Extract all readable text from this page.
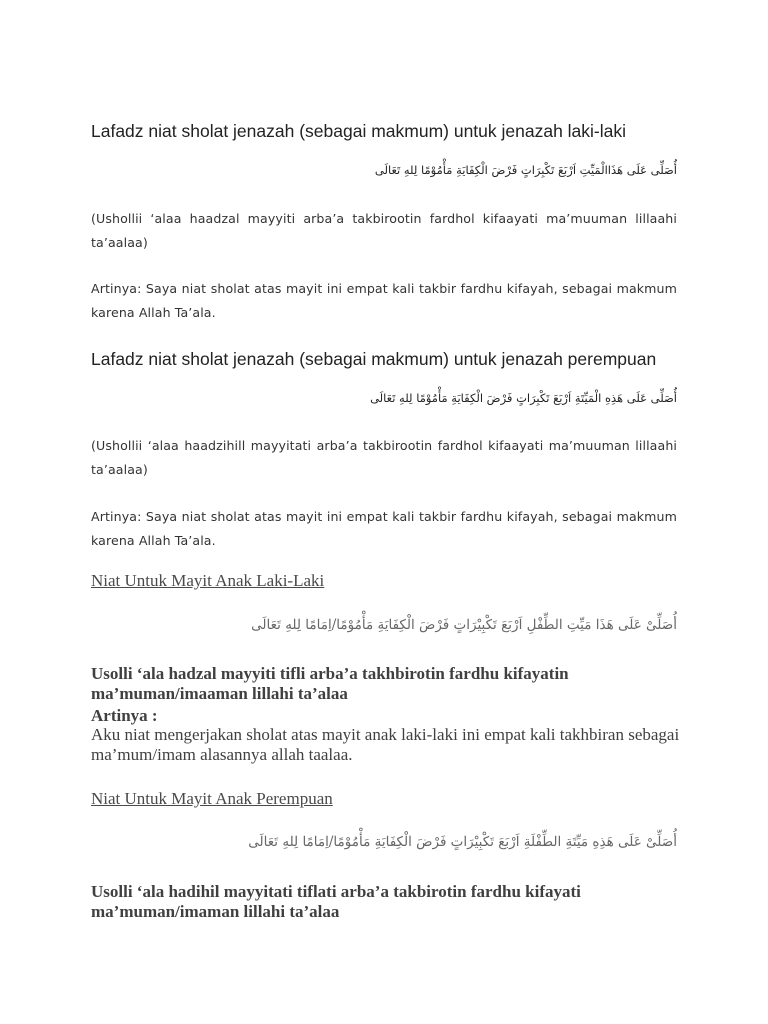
Lafadz niat sholat jenazah (sebagai makmum) untuk jenazah laki-laki
أُصَلِّى عَلَى هَذَاالْمَيِّتِ اَرْبَعَ تَكْبِرَاتٍ فَرْضَ الْكِفَايَةِ مَأْمُوْمًا لِلهِ تَعَالَى

(Ushollii ‘alaa haadzal mayyiti arba’a takbirootin fardhol kifaayati ma’muuman lillaahi ta’aalaa)

Artinya: Saya niat sholat atas mayit ini empat kali takbir fardhu kifayah, sebagai makmum karena Allah Ta’ala.

Lafadz niat sholat jenazah (sebagai makmum) untuk jenazah perempuan
أُصَلِّى عَلَى هَذِهِ الْمَيِّتَةِ اَرْبَعَ تَكْبِرَاتٍ فَرْضَ الْكِفَايَةِ مَأْمُوْمًا لِلهِ تَعَالَى

(Ushollii ‘alaa haadzihill mayyitati arba’a takbirootin fardhol kifaayati ma’muuman lillaahi ta’aalaa)

Artinya: Saya niat sholat atas mayit ini empat kali takbir fardhu kifayah, sebagai makmum karena Allah Ta’ala.

Niat Untuk Mayit Anak Laki-Laki
أُصَلِّىْ عَلَى هَذَا مَيِّتِ الطِّفْلِ اَرْبَعَ تَكْبِيْرَاتٍ فَرْضَ الْكِفَايَةِ مَأْمُوْمًا/اِمَامًا لِلهِ تَعَالَى

Usolli ‘ala hadzal mayyiti tifli arba’a takhbirotin fardhu kifayatin ma’muman/imaaman lillahi ta’alaa

Artinya :

Aku niat mengerjakan sholat atas mayit anak laki-laki ini empat kali takhbiran sebagai ma’mum/imam alasannya allah taalaa.

Niat Untuk Mayit Anak Perempuan
أُصَلِّىْ عَلَى هَذِهِ مَيِّتَةِ الطِّفْلَةِ اَرْبَعَ تَكْبِيْرَاتٍ فَرْضَ الْكِفَايَةِ مَأْمُوْمًا/اِمَامًا لِلهِ تَعَالَى

Usolli ‘ala hadihil mayyitati tiflati arba’a takbirotin fardhu kifayati ma’muman/imaman lillahi ta’alaa
